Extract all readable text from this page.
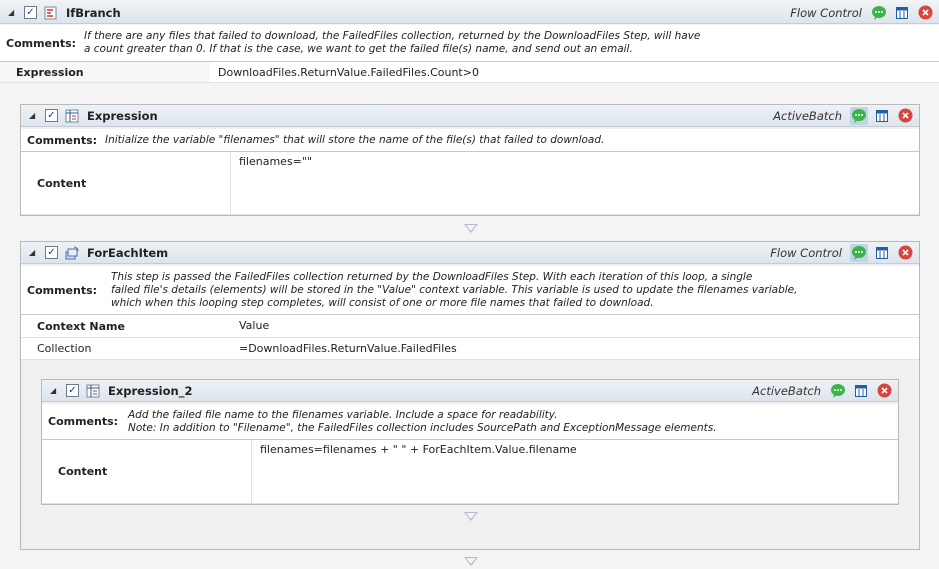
◢	✓	IfBranch	Flow Control
Comments:
If there are any files that failed to download, the FailedFiles collection, returned by the DownloadFiles Step, will have
a count greater than 0. If that is the case, we want to get the failed file(s) name, and send out an email.
Expression	DownloadFiles.ReturnValue.FailedFiles.Count>0
◢	✓	Expression	ActiveBatch
Comments: Initialize the variable "filenames" that will store the name of the file(s) that failed to download.
Content
filenames=""
◢	✓	ForEachItem	Flow Control
Comments:
This step is passed the FailedFiles collection returned by the DownloadFiles Step. With each iteration of this loop, a single
failed file's details (elements) will be stored in the "Value" context variable. This variable is used to update the filenames variable,
which when this looping step completes, will consist of one or more file names that failed to download.
Context Name	Value
Collection	=DownloadFiles.ReturnValue.FailedFiles
◢	✓	Expression_2	ActiveBatch
Comments:
Add the failed file name to the filenames variable. Include a space for readability.
Note: In addition to "Filename", the FailedFiles collection includes SourcePath and ExceptionMessage elements.
Content
filenames=filenames + " " + ForEachItem.Value.filename
